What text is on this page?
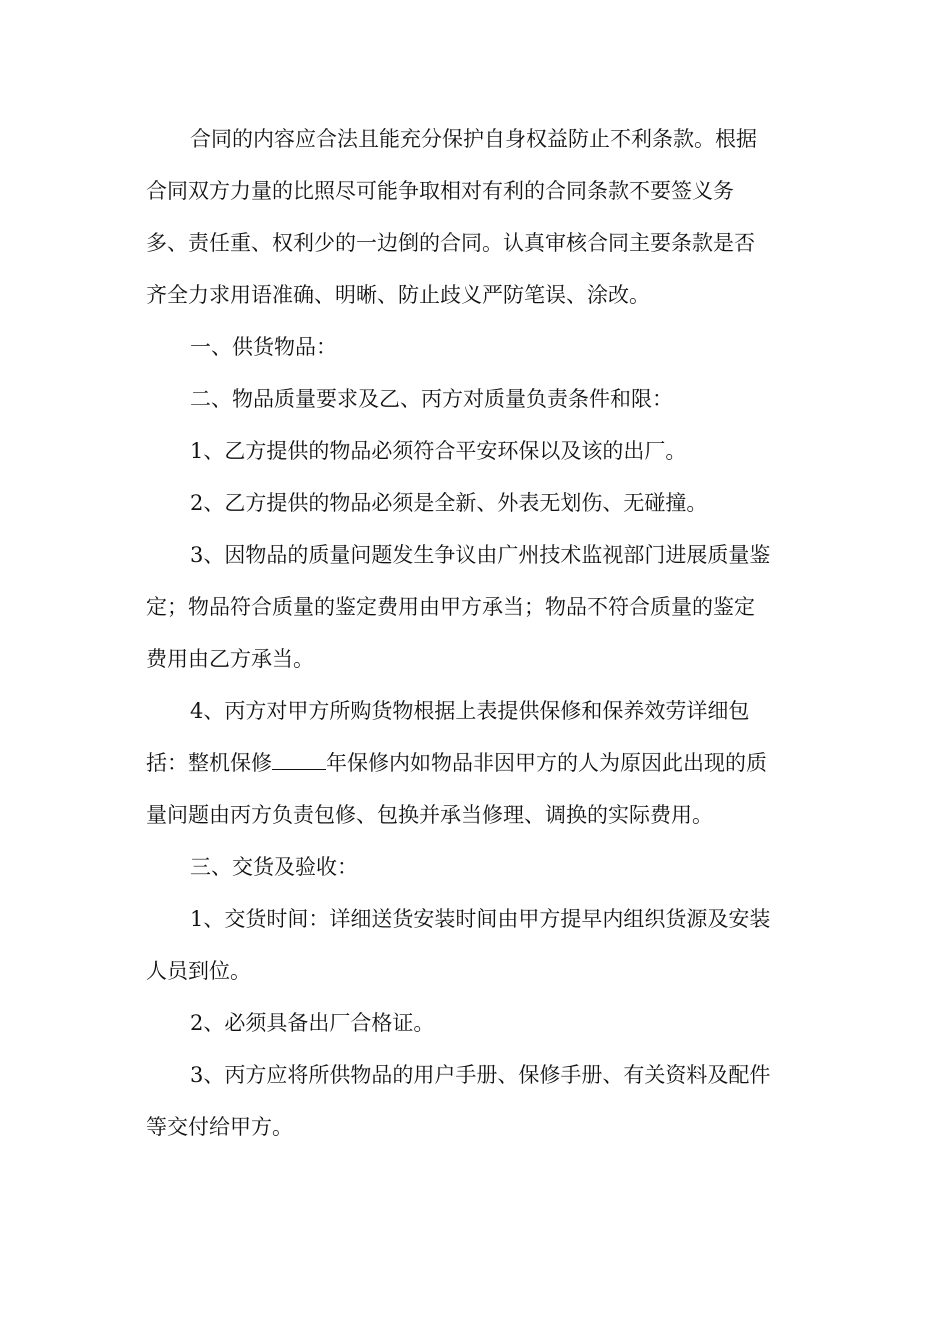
合同的内容应合法且能充分保护自身权益防止不利条款。根据
合同双方力量的比照尽可能争取相对有利的合同条款不要签义务
多、责任重、权利少的一边倒的合同。认真审核合同主要条款是否
齐全力求用语准确、明晰、防止歧义严防笔误、涂改。

一、供货物品：

二、物品质量要求及乙、丙方对质量负责条件和限：

1、乙方提供的物品必须符合平安环保以及该的出厂。

2、乙方提供的物品必须是全新、外表无划伤、无碰撞。

3、因物品的质量问题发生争议由广州技术监视部门进展质量鉴
定；物品符合质量的鉴定费用由甲方承当；物品不符合质量的鉴定
费用由乙方承当。

4、丙方对甲方所购货物根据上表提供保修和保养效劳详细包
括：整机保修	年保修内如物品非因甲方的人为原因此出现的质
量问题由丙方负责包修、包换并承当修理、调换的实际费用。

三、交货及验收：

1、交货时间：详细送货安装时间由甲方提早内组织货源及安装
人员到位。

2、必须具备出厂合格证。

3、丙方应将所供物品的用户手册、保修手册、有关资料及配件
等交付给甲方。
